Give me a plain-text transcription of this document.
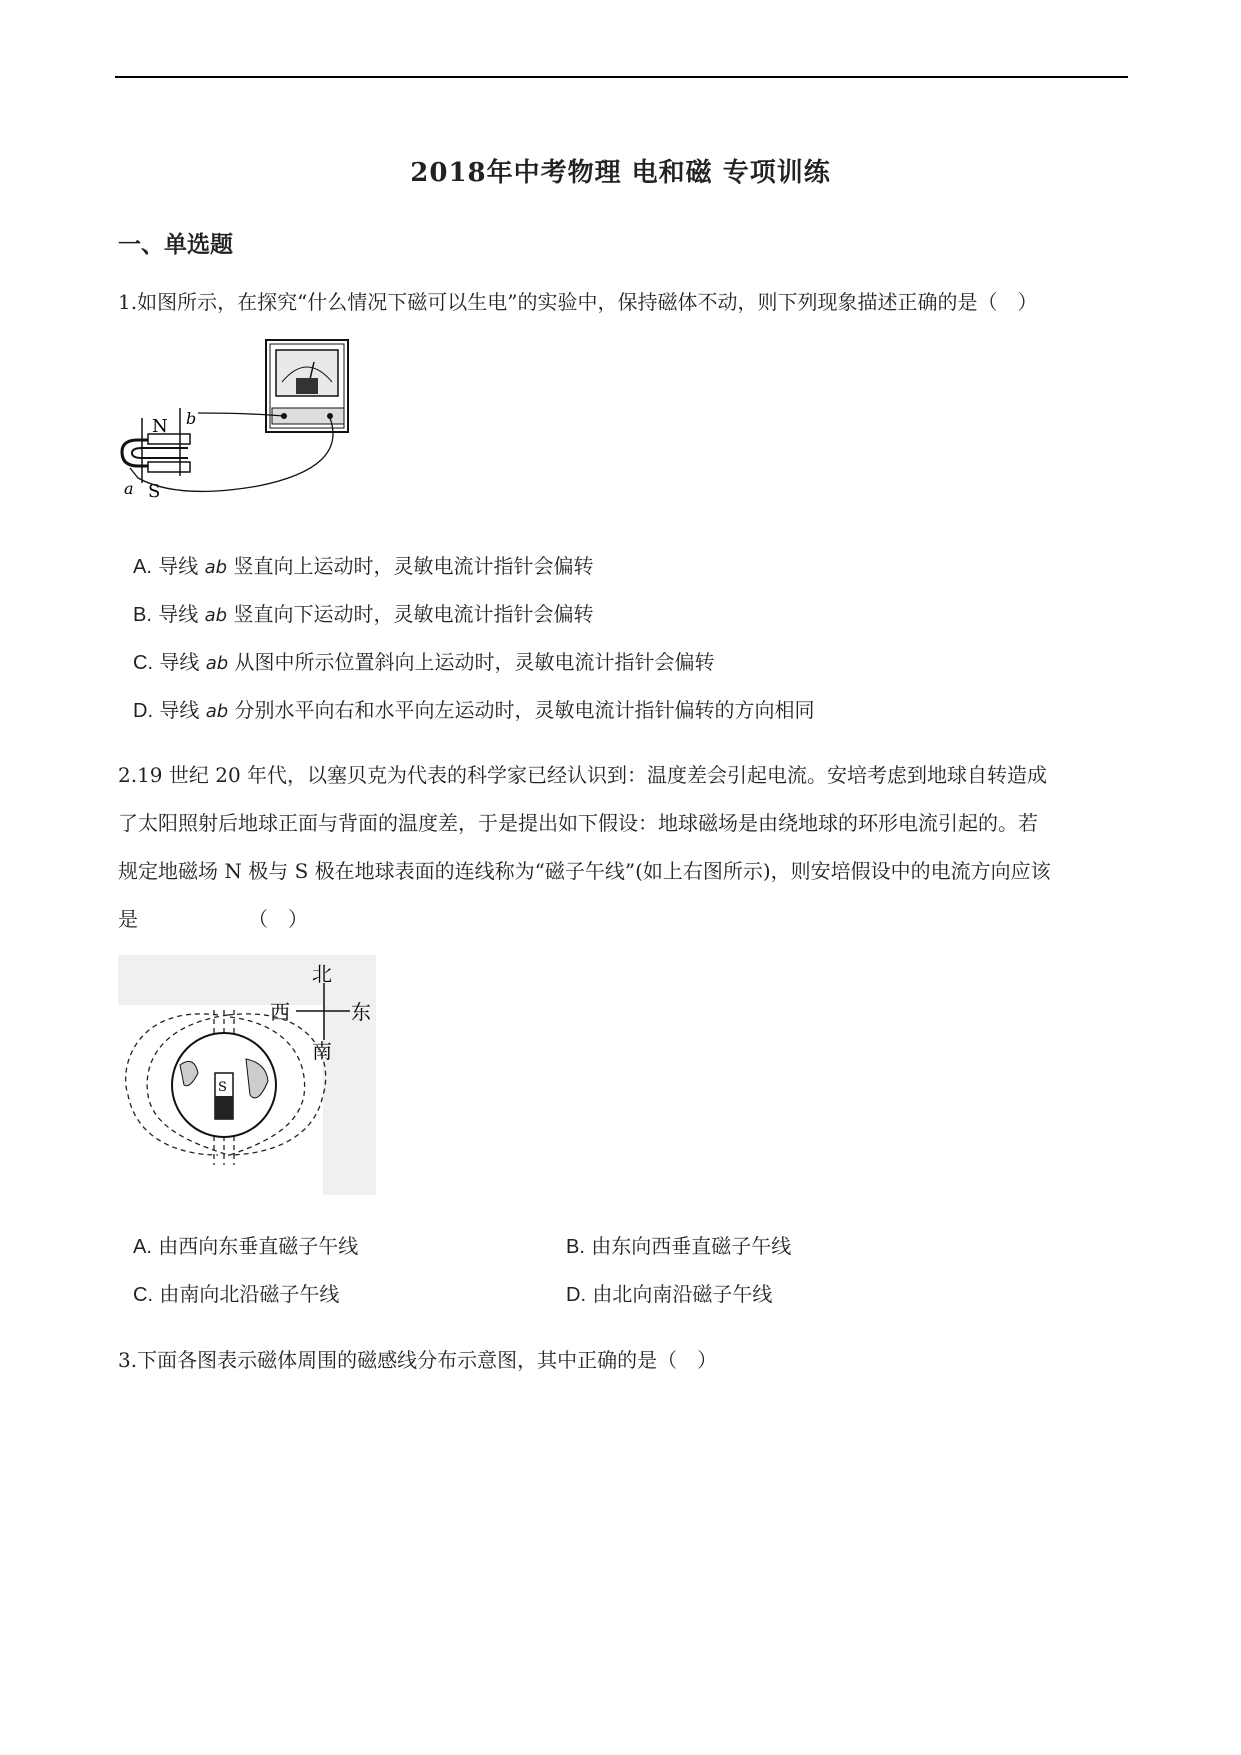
2018年中考物理 电和磁 专项训练
一、单选题
1.如图所示，在探究“什么情况下磁可以生电”的实验中，保持磁体不动，则下列现象描述正确的是（　）
N
S
a
b
A. 导线 ab 竖直向上运动时，灵敏电流计指针会偏转
B. 导线 ab 竖直向下运动时，灵敏电流计指针会偏转
C. 导线 ab 从图中所示位置斜向上运动时，灵敏电流计指针会偏转
D. 导线 ab 分别水平向右和水平向左运动时，灵敏电流计指针偏转的方向相同
2.19 世纪 20 年代，以塞贝克为代表的科学家已经认识到：温度差会引起电流。安培考虑到地球自转造成
了太阳照射后地球正面与背面的温度差，于是提出如下假设：地球磁场是由绕地球的环形电流引起的。若
规定地磁场 N 极与 S 极在地球表面的连线称为“磁子午线”(如上右图所示)，则安培假设中的电流方向应该
是　　　　　　（　）
北
西	东
南
S
A. 由西向东垂直磁子午线	B. 由东向西垂直磁子午线
C. 由南向北沿磁子午线	D. 由北向南沿磁子午线
3.下面各图表示磁体周围的磁感线分布示意图，其中正确的是（　）
